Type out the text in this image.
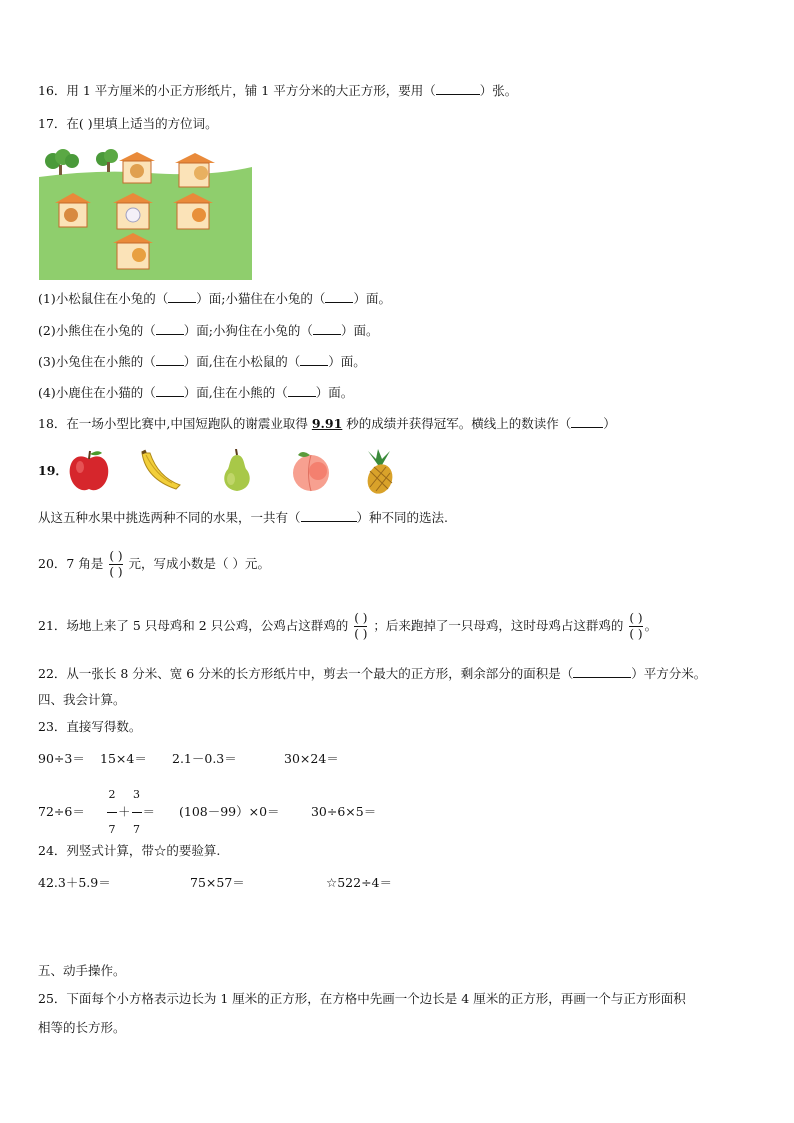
16．用 1 平方厘米的小正方形纸片，铺 1 平方分米的大正方形，要用（	）张。
17．在( )里填上适当的方位词。
(1)小松鼠住在小兔的（ ）面;小猫住在小兔的（ ）面。
(2)小熊住在小兔的（ ）面;小狗住在小兔的（ ）面。
(3)小兔住在小熊的（ ）面,住在小松鼠的（ ）面。
(4)小鹿住在小猫的（ ）面,住在小熊的（ ）面。
18．在一场小型比赛中,中国短跑队的谢震业取得 9.91 秒的成绩并获得冠军。横线上的数读作（	）
19．
从这五种水果中挑选两种不同的水果，一共有（	）种不同的选法.
20．7 角是 $\frac{( )}{( )}$ 元，写成小数是（ ）元。
21．场地上来了 5 只母鸡和 2 只公鸡，公鸡占这群鸡的 $\frac{( )}{( )}$ ；后来跑掉了一只母鸡，这时母鸡占这群鸡的 $\frac{( )}{( )}$ 。
22．从一张长 8 分米、宽 6 分米的长方形纸片中，剪去一个最大的正方形，剩余部分的面积是（	）平方分米。
四、我会计算。
23．直接写得数。
90÷3＝ 15×4＝ 2.1－0.3＝	30×24＝
$72\div 6= \frac{2}{7} + \frac{3}{7} = (108-99)\times 0=$	30÷6×5＝
24．列竖式计算，带☆的要验算.
42.3＋5.9＝	75×57＝	☆522÷4＝
五、动手操作。
25．下面每个小方格表示边长为 1 厘米的正方形，在方格中先画一个边长是 4 厘米的正方形，再画一个与正方形面积
相等的长方形。
